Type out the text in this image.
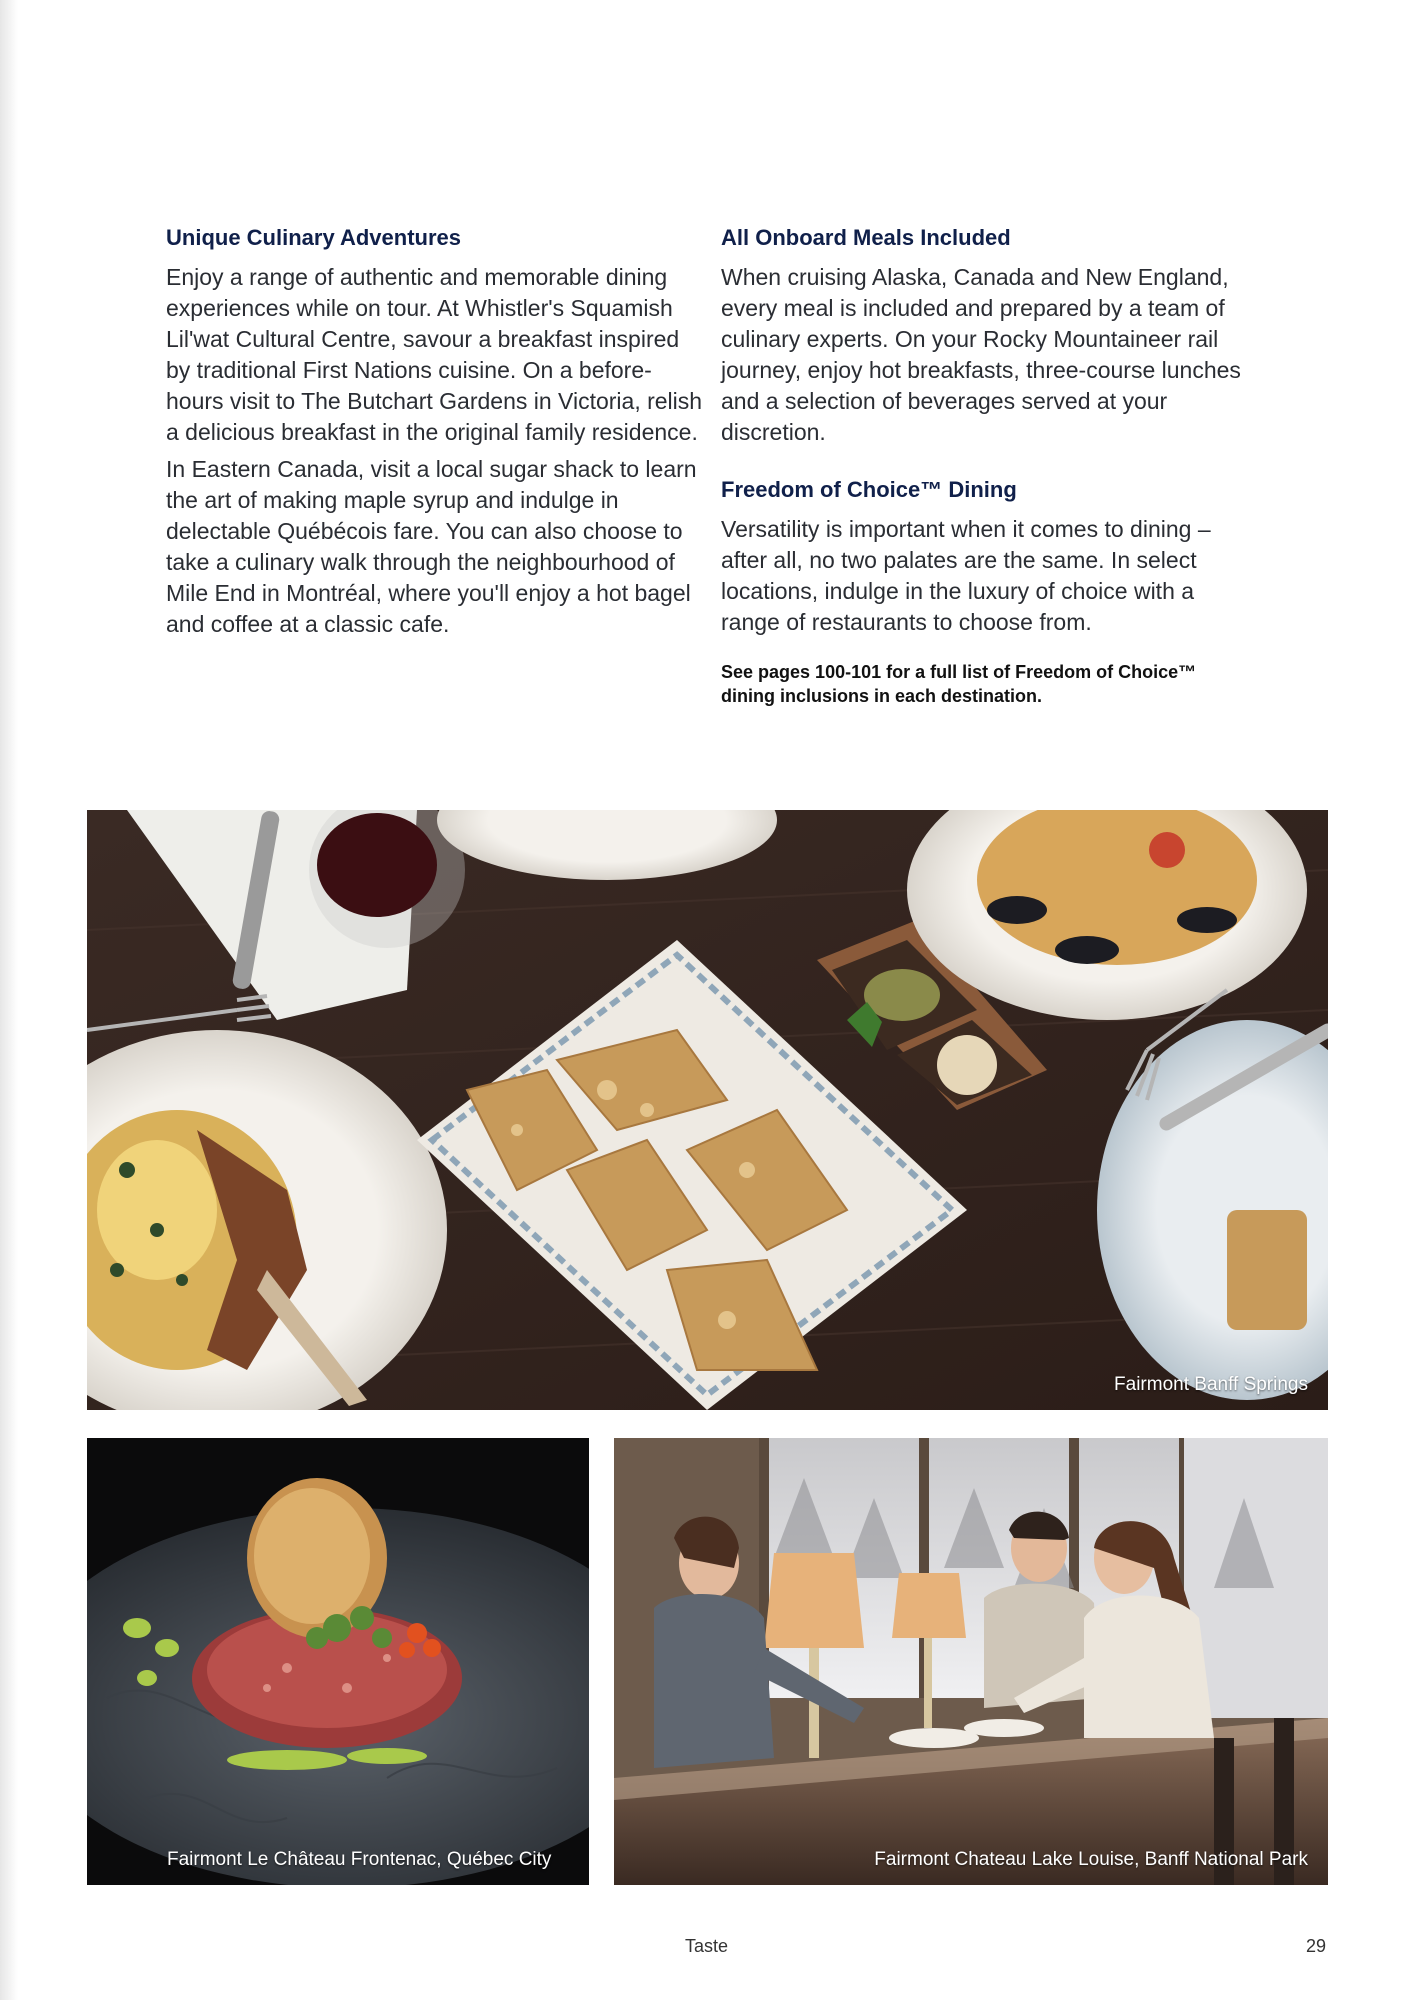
Unique Culinary Adventures

Enjoy a range of authentic and memorable dining experiences while on tour. At Whistler's Squamish Lil'wat Cultural Centre, savour a breakfast inspired by traditional First Nations cuisine. On a before-hours visit to The Butchart Gardens in Victoria, relish a delicious breakfast in the original family residence.

In Eastern Canada, visit a local sugar shack to learn the art of making maple syrup and indulge in delectable Québécois fare. You can also choose to take a culinary walk through the neighbourhood of Mile End in Montréal, where you'll enjoy a hot bagel and coffee at a classic cafe.

All Onboard Meals Included

When cruising Alaska, Canada and New England, every meal is included and prepared by a team of culinary experts. On your Rocky Mountaineer rail journey, enjoy hot breakfasts, three-course lunches and a selection of beverages served at your discretion.

Freedom of Choice™ Dining

Versatility is important when it comes to dining – after all, no two palates are the same. In select locations, indulge in the luxury of choice with a range of restaurants to choose from.

See pages 100-101 for a full list of Freedom of Choice™ dining inclusions in each destination.

Fairmont Banff Springs
Fairmont Le Château Frontenac, Québec City	Fairmont Chateau Lake Louise, Banff National Park
Taste	29
